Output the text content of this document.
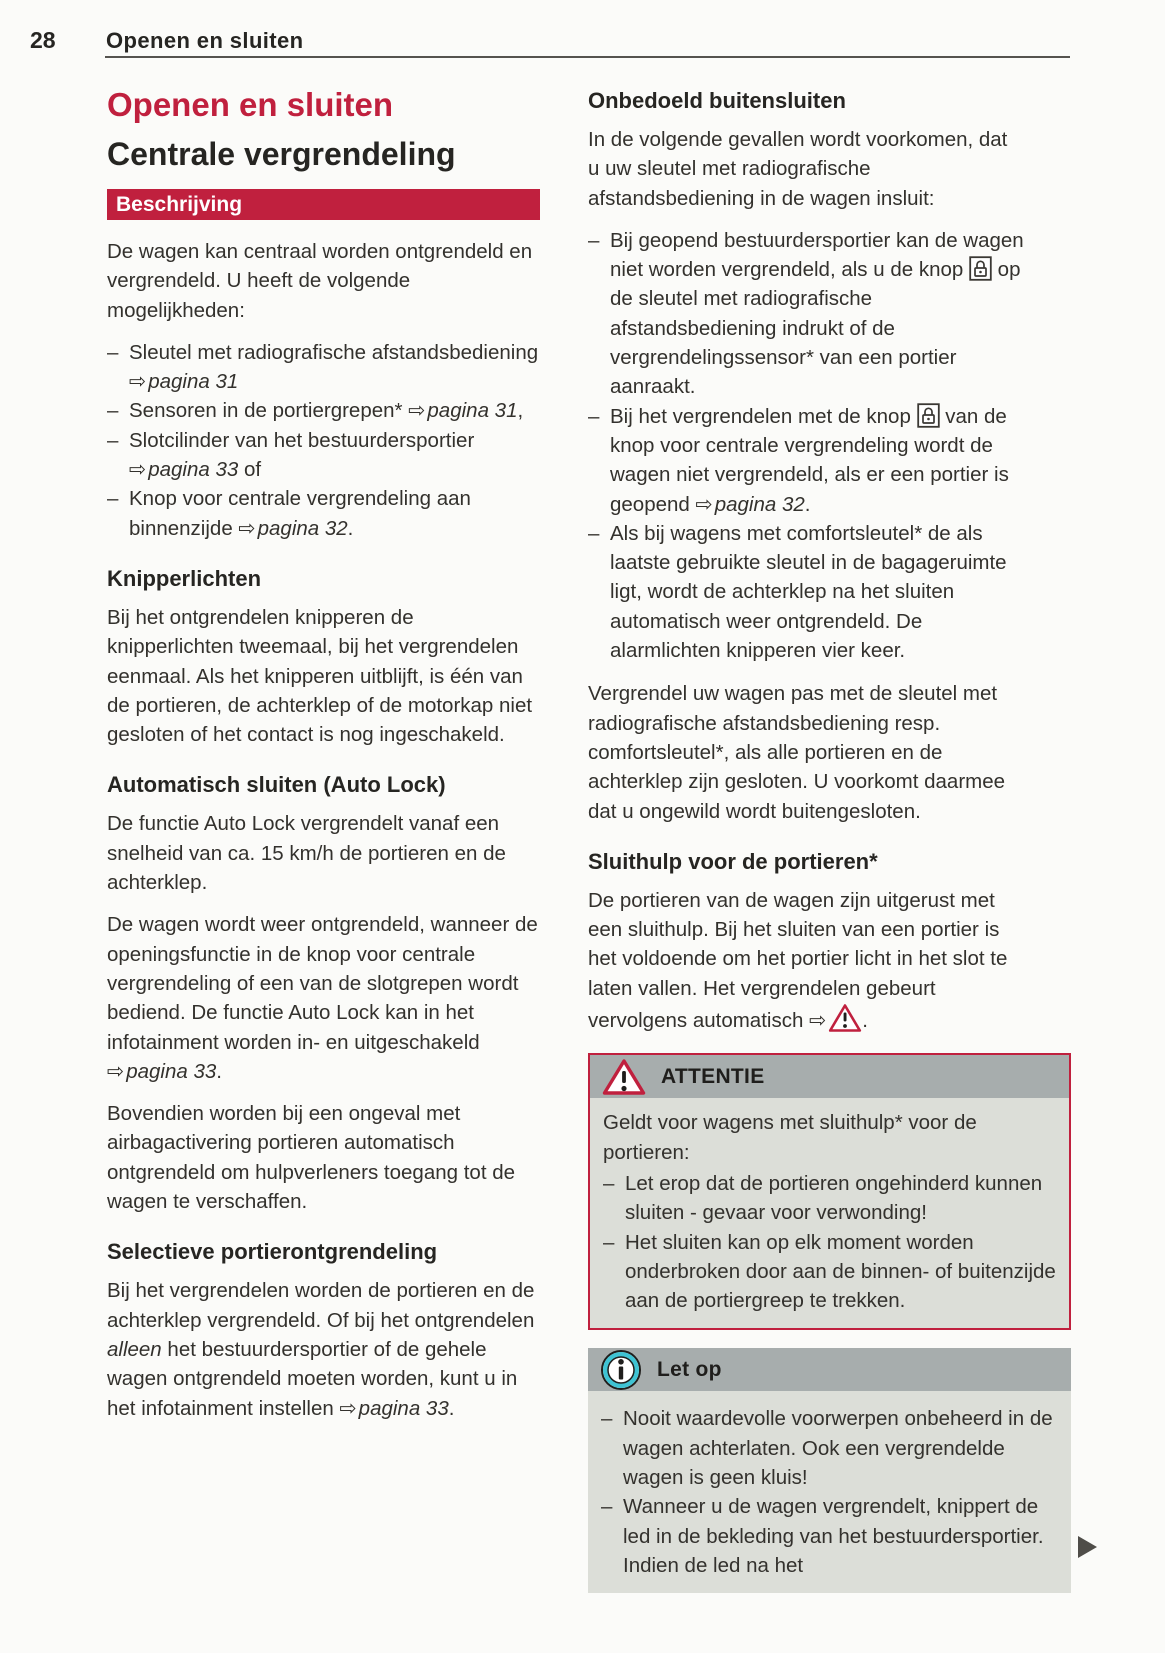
28 Openen en sluiten
Openen en sluiten
Centrale vergrendeling
Beschrijving

De wagen kan centraal worden ontgrendeld en vergrendeld. U heeft de volgende mogelijkheden:

– Sleutel met radiografische afstandsbediening ⇨pagina 31
– Sensoren in de portiergrepen* ⇨pagina 31,
– Slotcilinder van het bestuurdersportier ⇨pagina 33 of
– Knop voor centrale vergrendeling aan binnenzijde ⇨pagina 32.
Knipperlichten

Bij het ontgrendelen knipperen de knipperlichten tweemaal, bij het vergrendelen eenmaal. Als het knipperen uitblijft, is één van de portieren, de achterklep of de motorkap niet gesloten of het contact is nog ingeschakeld.

Automatisch sluiten (Auto Lock)

De functie Auto Lock vergrendelt vanaf een snelheid van ca. 15 km/h de portieren en de achterklep.

De wagen wordt weer ontgrendeld, wanneer de openingsfunctie in de knop voor centrale vergrendeling of een van de slotgrepen wordt bediend. De functie Auto Lock kan in het infotainment worden in- en uitgeschakeld ⇨pagina 33.

Bovendien worden bij een ongeval met airbagactivering portieren automatisch ontgrendeld om hulpverleners toegang tot de wagen te verschaffen.

Selectieve portierontgrendeling

Bij het vergrendelen worden de portieren en de achterklep vergrendeld. Of bij het ontgrendelen alleen het bestuurdersportier of de gehele wagen ontgrendeld moeten worden, kunt u in het infotainment instellen ⇨pagina 33.

Onbedoeld buitensluiten

In de volgende gevallen wordt voorkomen, dat u uw sleutel met radiografische afstandsbediening in de wagen insluit:

– Bij geopend bestuurdersportier kan de wagen niet worden vergrendeld, als u de knop  op de sleutel met radiografische afstandsbediening indrukt of de vergrendelingssensor* van een portier aanraakt.
– Bij het vergrendelen met de knop  van de knop voor centrale vergrendeling wordt de wagen niet vergrendeld, als er een portier is geopend ⇨pagina 32.
– Als bij wagens met comfortsleutel* de als laatste gebruikte sleutel in de bagageruimte ligt, wordt de achterklep na het sluiten automatisch weer ontgrendeld. De alarmlichten knipperen vier keer.

Vergrendel uw wagen pas met de sleutel met radiografische afstandsbediening resp. comfortsleutel*, als alle portieren en de achterklep zijn gesloten. U voorkomt daarmee dat u ongewild wordt buitengesloten.

Sluithulp voor de portieren*

De portieren van de wagen zijn uitgerust met een sluithulp. Bij het sluiten van een portier is het voldoende om het portier licht in het slot te laten vallen. Het vergrendelen gebeurt vervolgens automatisch ⇨ .

ATTENTIE

Geldt voor wagens met sluithulp* voor de portieren:

– Let erop dat de portieren ongehinderd kunnen sluiten - gevaar voor verwonding!
– Het sluiten kan op elk moment worden onderbroken door aan de binnen- of buitenzijde aan de portiergreep te trekken.
Let op
– Nooit waardevolle voorwerpen onbeheerd in de wagen achterlaten. Ook een vergrendelde wagen is geen kluis!
– Wanneer u de wagen vergrendelt, knippert de led in de bekleding van het bestuurdersportier. Indien de led na het
